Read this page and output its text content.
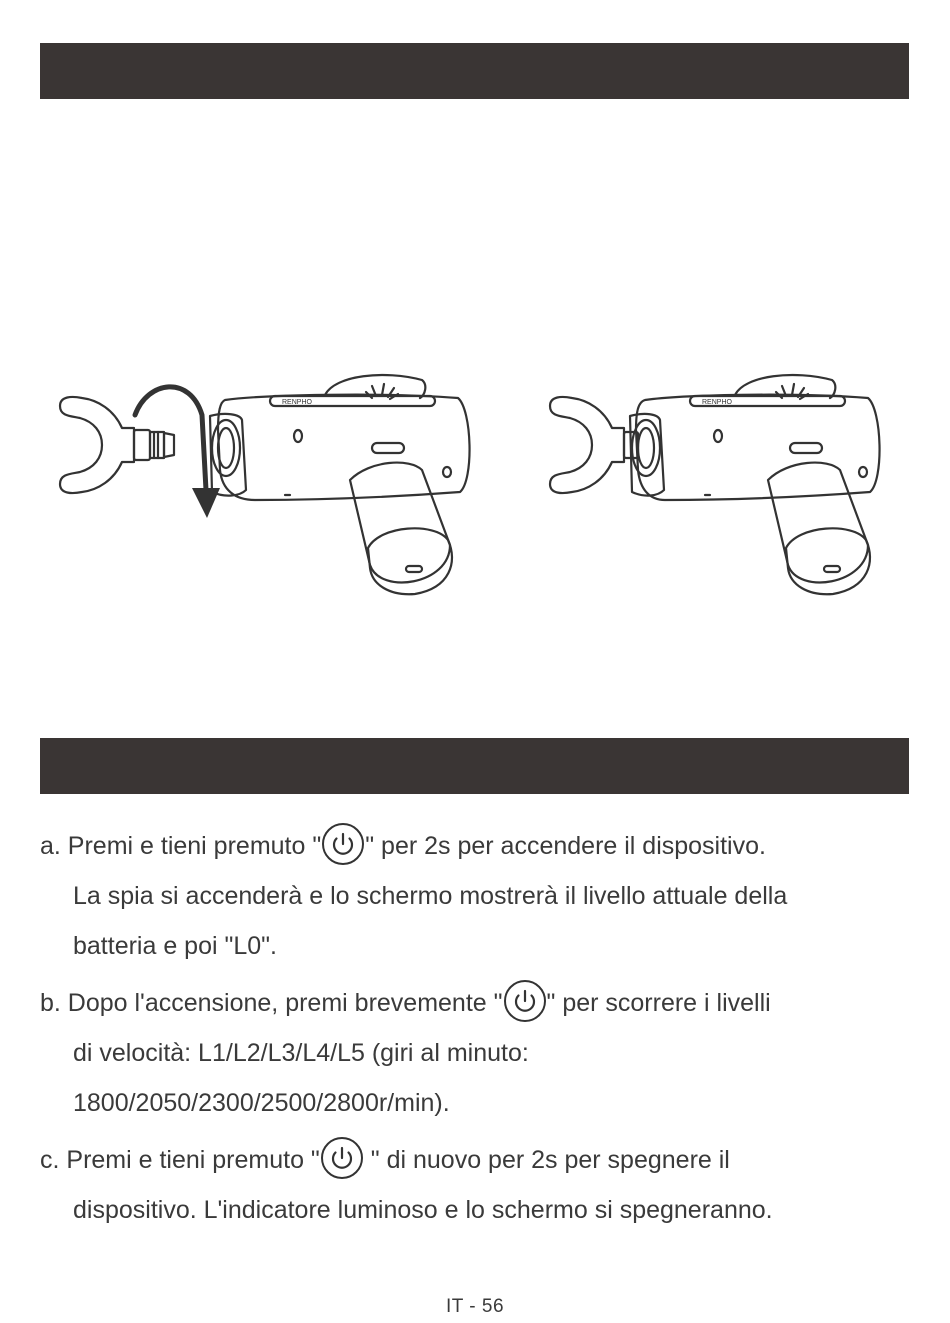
RENPHO	RENPHO
a. Premi e tieni premuto " " per 2s per accendere il dispositivo.
La spia si accenderà e lo schermo mostrerà il livello attuale della
batteria e poi "L0".
b. Dopo l'accensione, premi brevemente " " per scorrere i livelli
di velocità: L1/L2/L3/L4/L5 (giri al minuto:
1800/2050/2300/2500/2800r/min).
c. Premi e tieni premuto " " di nuovo per 2s per spegnere il
dispositivo. L'indicatore luminoso e lo schermo si spegneranno.
IT - 56
